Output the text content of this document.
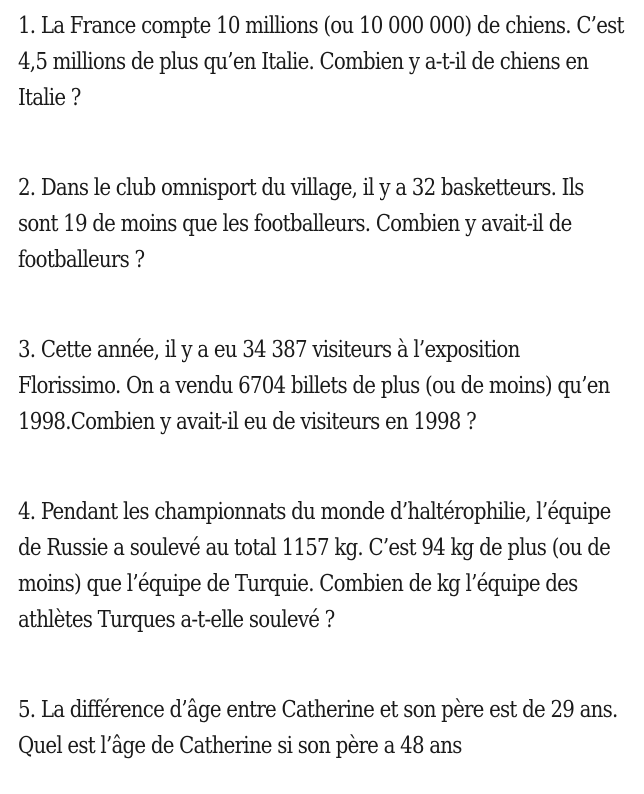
1. La France compte 10 millions (ou 10 000 000) de chiens. C’est
4,5 millions de plus qu’en Italie. Combien y a-t-il de chiens en
Italie ?
2. Dans le club omnisport du village, il y a 32 basketteurs. Ils
sont 19 de moins que les footballeurs. Combien y avait-il de
footballeurs ?
3. Cette année, il y a eu 34 387 visiteurs à l’exposition
Florissimo. On a vendu 6704 billets de plus (ou de moins) qu’en
1998.Combien y avait-il eu de visiteurs en 1998 ?
4. Pendant les championnats du monde d’haltérophilie, l’équipe
de Russie a soulevé au total 1157 kg. C’est 94 kg de plus (ou de
moins) que l’équipe de Turquie. Combien de kg l’équipe des
athlètes Turques a-t-elle soulevé ?
5. La différence d’âge entre Catherine et son père est de 29 ans.
Quel est l’âge de Catherine si son père a 48 ans
